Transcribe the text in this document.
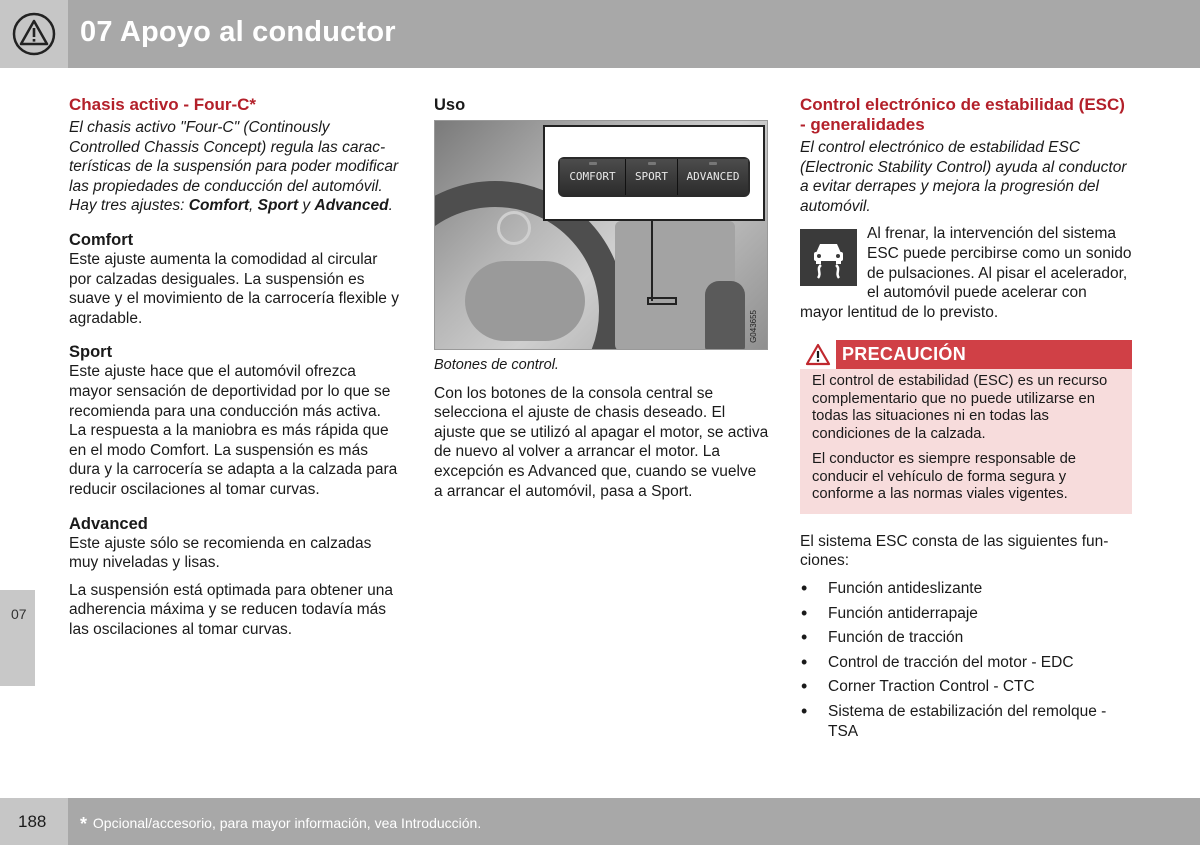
07 Apoyo al conductor
07
Chasis activo - Four-C*

El chasis activo "Four-C" (Continously Controlled Chassis Concept) regula las características de la suspensión para poder modificar las propiedades de conducción del automóvil. Hay tres ajustes: Comfort, Sport y Advanced.

Comfort

Este ajuste aumenta la comodidad al circular por calzadas desiguales. La suspensión es suave y el movimiento de la carrocería flexible y agradable.

Sport

Este ajuste hace que el automóvil ofrezca mayor sensación de deportividad por lo que se recomienda para una conducción más activa. La respuesta a la maniobra es más rápida que en el modo Comfort. La suspensión es más dura y la carrocería se adapta a la calzada para reducir oscilaciones al tomar curvas.

Advanced

Este ajuste sólo se recomienda en calzadas muy niveladas y lisas.

La suspensión está optimada para obtener una adherencia máxima y se reducen todavía más las oscilaciones al tomar curvas.

Uso
COMFORT	SPORT	ADVANCED
G043655

Botones de control.

Con los botones de la consola central se selecciona el ajuste de chasis deseado. El ajuste que se utilizó al apagar el motor, se activa de nuevo al volver a arrancar el motor. La excepción es Advanced que, cuando se vuelve a arrancar el automóvil, pasa a Sport.

Control electrónico de estabilidad (ESC) - generalidades

El control electrónico de estabilidad ESC (Electronic Stability Control) ayuda al conductor a evitar derrapes y mejora la progresión del automóvil.

Al frenar, la intervención del sistema ESC puede percibirse como un sonido de pulsaciones. Al pisar el acelerador, el automóvil puede acelerar con mayor lentitud de lo previsto.

PRECAUCIÓN

El control de estabilidad (ESC) es un recurso complementario que no puede utilizarse en todas las situaciones ni en todas las condiciones de la calzada.

El conductor es siempre responsable de conducir el vehículo de forma segura y conforme a las normas viales vigentes.

El sistema ESC consta de las siguientes funciones:

• Función antideslizante
• Función antiderrapaje
• Función de tracción
• Control de tracción del motor - EDC
• Corner Traction Control - CTC
• Sistema de estabilización del remolque - TSA
188 * Opcional/accesorio, para mayor información, vea Introducción.
